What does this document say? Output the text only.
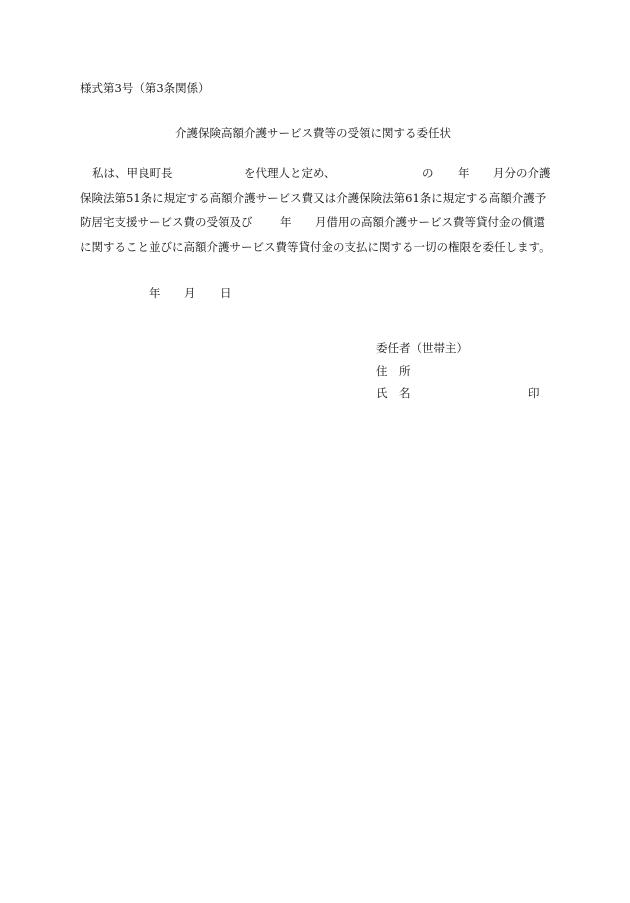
様式第3号（第3条関係）
介護保険高額介護サービス費等の受領に関する委任状
私は、甲良町長	を代理人と定め、	の 年 月分の介護
保険法第51条に規定する高額介護サービス費又は介護保険法第61条に規定する高額介護予
防居宅支援サービス費の受領及び 年 月借用の高額介護サービス費等貸付金の償還
に関すること並びに高額介護サービス費等貸付金の支払に関する一切の権限を委任します。
年 月 日
委任者（世帯主）
住　所
氏　名	印
